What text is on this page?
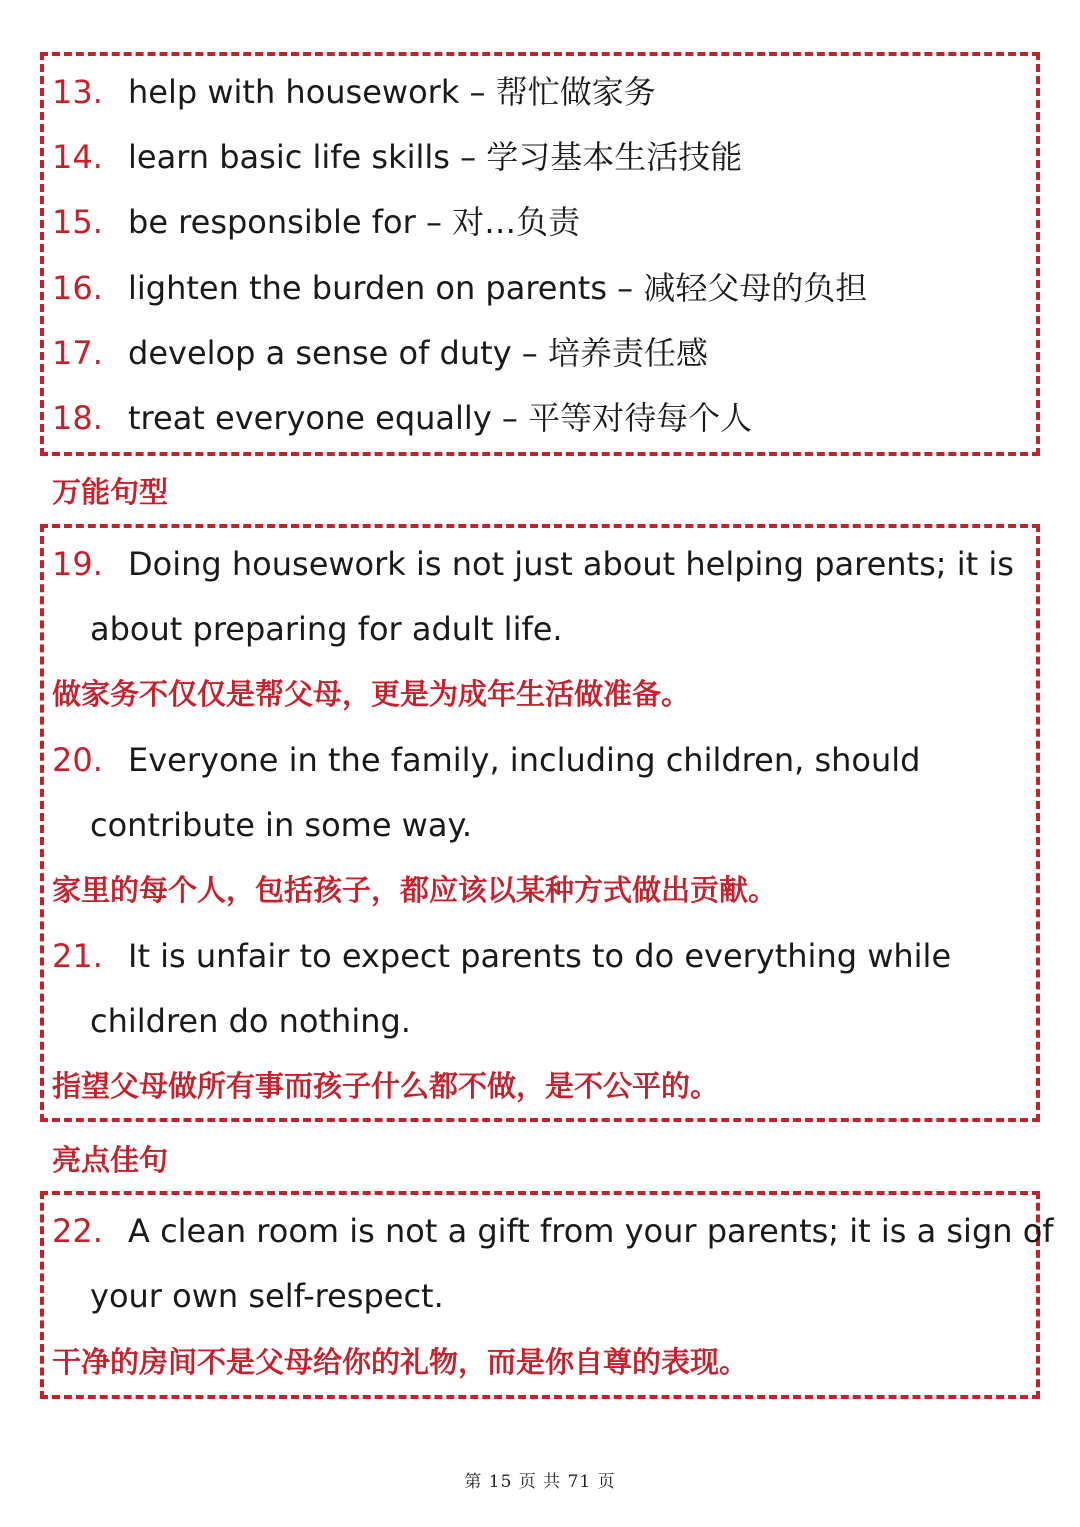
13. help with housework – 帮忙做家务
14. learn basic life skills – 学习基本生活技能
15. be responsible for – 对…负责
16. lighten the burden on parents – 减轻父母的负担
17. develop a sense of duty – 培养责任感
18. treat everyone equally – 平等对待每个人
万能句型
19. Doing housework is not just about helping parents; it is
about preparing for adult life.
做家务不仅仅是帮父母，更是为成年生活做准备。
20. Everyone in the family, including children, should
contribute in some way.
家里的每个人，包括孩子，都应该以某种方式做出贡献。
21. It is unfair to expect parents to do everything while
children do nothing.
指望父母做所有事而孩子什么都不做，是不公平的。
亮点佳句
22. A clean room is not a gift from your parents; it is a sign of
your own self-respect.
干净的房间不是父母给你的礼物，而是你自尊的表现。
第 15 页 共 71 页
